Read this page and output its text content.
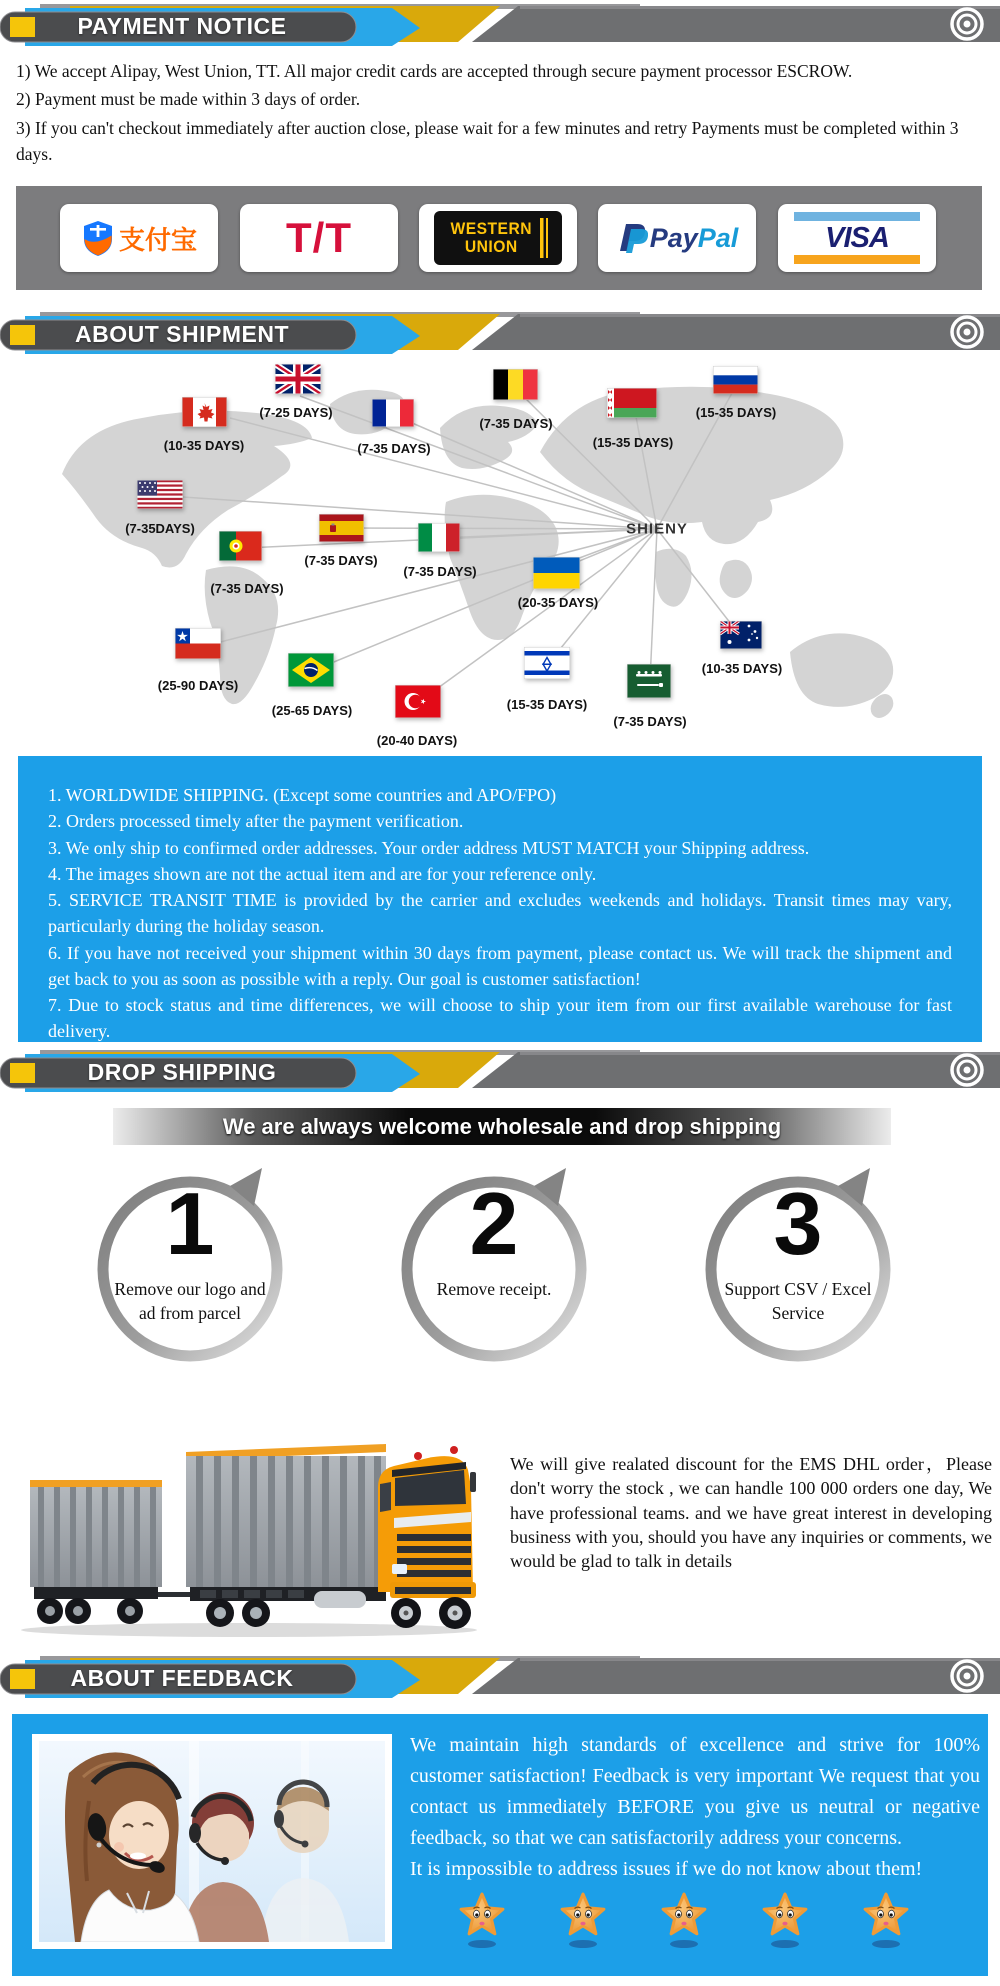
PAYMENT NOTICE
1) We accept Alipay, West Union, TT. All major credit cards are accepted through secure payment processor ESCROW.
2) Payment must be made within 3 days of order.
3) If you can't checkout immediately after auction close, please wait for a few minutes and retry Payments must be completed within 3 days.
支付宝 T/T	WESTERN
UNION	Pay Pal	VISA
ABOUT SHIPMENT
(10-35 DAYS)
(7-25 DAYS)
(7-35 DAYS)
(7-35 DAYS)
(15-35 DAYS)
(15-35 DAYS)
(7-35DAYS)
(7-35 DAYS)
(7-35 DAYS)
(7-35 DAYS)
(20-35 DAYS)
(25-90 DAYS)
(25-65 DAYS)
(20-40 DAYS)
(15-35 DAYS)
(7-35 DAYS)
(10-35 DAYS)
SHIENY
1. WORLDWIDE SHIPPING. (Except some countries and APO/FPO)
2. Orders processed timely after the payment verification.
3. We only ship to confirmed order addresses. Your order address MUST MATCH your Shipping address.
4. The images shown are not the actual item and are for your reference only.
5. SERVICE TRANSIT TIME is provided by the carrier and excludes weekends and holidays. Transit times may vary, particularly during the holiday season.
6. If you have not received your shipment within 30 days from payment, please contact us. We will track the shipment and get back to you as soon as possible with a reply. Our goal is customer satisfaction!
7. Due to stock status and time differences, we will choose to ship your item from our first available warehouse for fast delivery.
DROP SHIPPING
We are always welcome wholesale and drop shipping
1
Remove our logo and ad from parcel
2
Remove receipt.
3
Support CSV / Excel Service
We will give realated discount for the EMS DHL order，Please don't worry the stock , we can handle 100 000 orders one day, We have professional teams. and we have great interest in developing business with you, should you have any inquiries or comments, we would be glad to talk in details
ABOUT FEEDBACK

We maintain high standards of excellence and strive for 100% customer satisfaction! Feedback is very important We request that you contact us immediately BEFORE you give us neutral or negative feedback, so that we can satisfactorily address your concerns.

It is impossible to address issues if we do not know about them!
